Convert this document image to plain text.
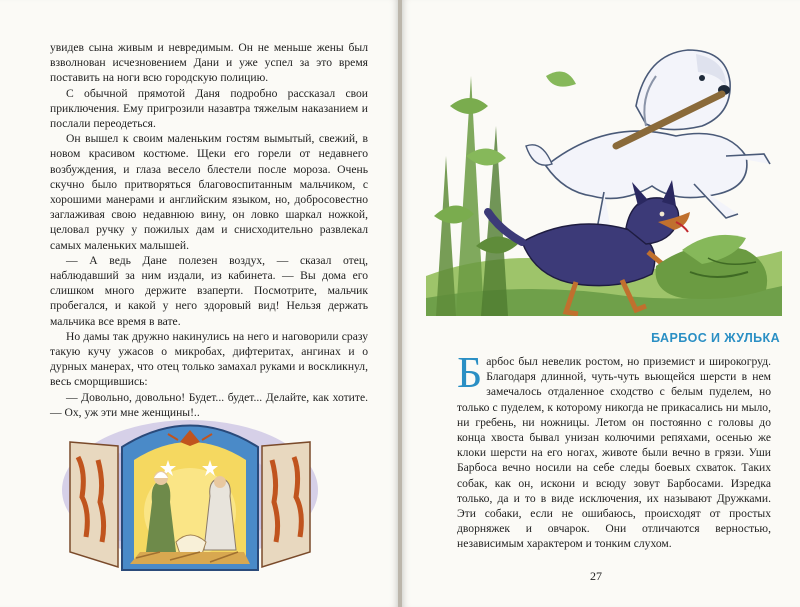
увидев сына живым и невредимым. Он не меньше жены был взволнован исчезновением Дани и уже успел за это время поставить на ноги всю городскую полицию.

С обычной прямотой Даня подробно рассказал свои приключения. Ему пригрозили назавтра тяжелым наказанием и послали переодеться.

Он вышел к своим маленьким гостям вымытый, свежий, в новом красивом костюме. Щеки его горели от недавнего возбуждения, и глаза весело блестели после мороза. Очень скучно было притворяться благовоспитанным мальчиком, с хорошими манерами и английским языком, но, добросовестно заглаживая свою недавнюю вину, он ловко шаркал ножкой, целовал ручку у пожилых дам и снисходительно развлекал самых маленьких малышей.

— А ведь Дане полезен воздух, — сказал отец, наблюдавший за ним издали, из кабинета. — Вы дома его слишком много держите взаперти. Посмотрите, мальчик пробегался, и какой у него здоровый вид! Нельзя держать мальчика все время в вате.

Но дамы так дружно накинулись на него и наговорили сразу такую кучу ужасов о микробах, дифтеритах, ангинах и о дурных манерах, что отец только замахал руками и воскликнул, весь сморщившись:

— Довольно, довольно! Будет... будет... Делайте, как хотите.— Ох, уж эти мне женщины!..

БАРБОС И ЖУЛЬКА

Барбос был невелик ростом, но приземист и широкогруд. Благодаря длинной, чуть-чуть вьющейся шерсти в нем замечалось отдаленное сходство с белым пуделем, но только с пуделем, к которому никогда не прикасались ни мыло, ни гребень, ни ножницы. Летом он постоянно с головы до конца хвоста бывал унизан колючими репяхами, осенью же клоки шерсти на его ногах, животе были вечно в грязи. Уши Барбоса вечно носили на себе следы боевых схваток. Таких собак, как он, искони и всюду зовут Барбосами. Изредка только, да и то в виде исключения, их называют Дружками. Эти собаки, если не ошибаюсь, происходят от простых дворняжек и овчарок. Они отличаются верностью, независимым характером и тонким слухом.

27
